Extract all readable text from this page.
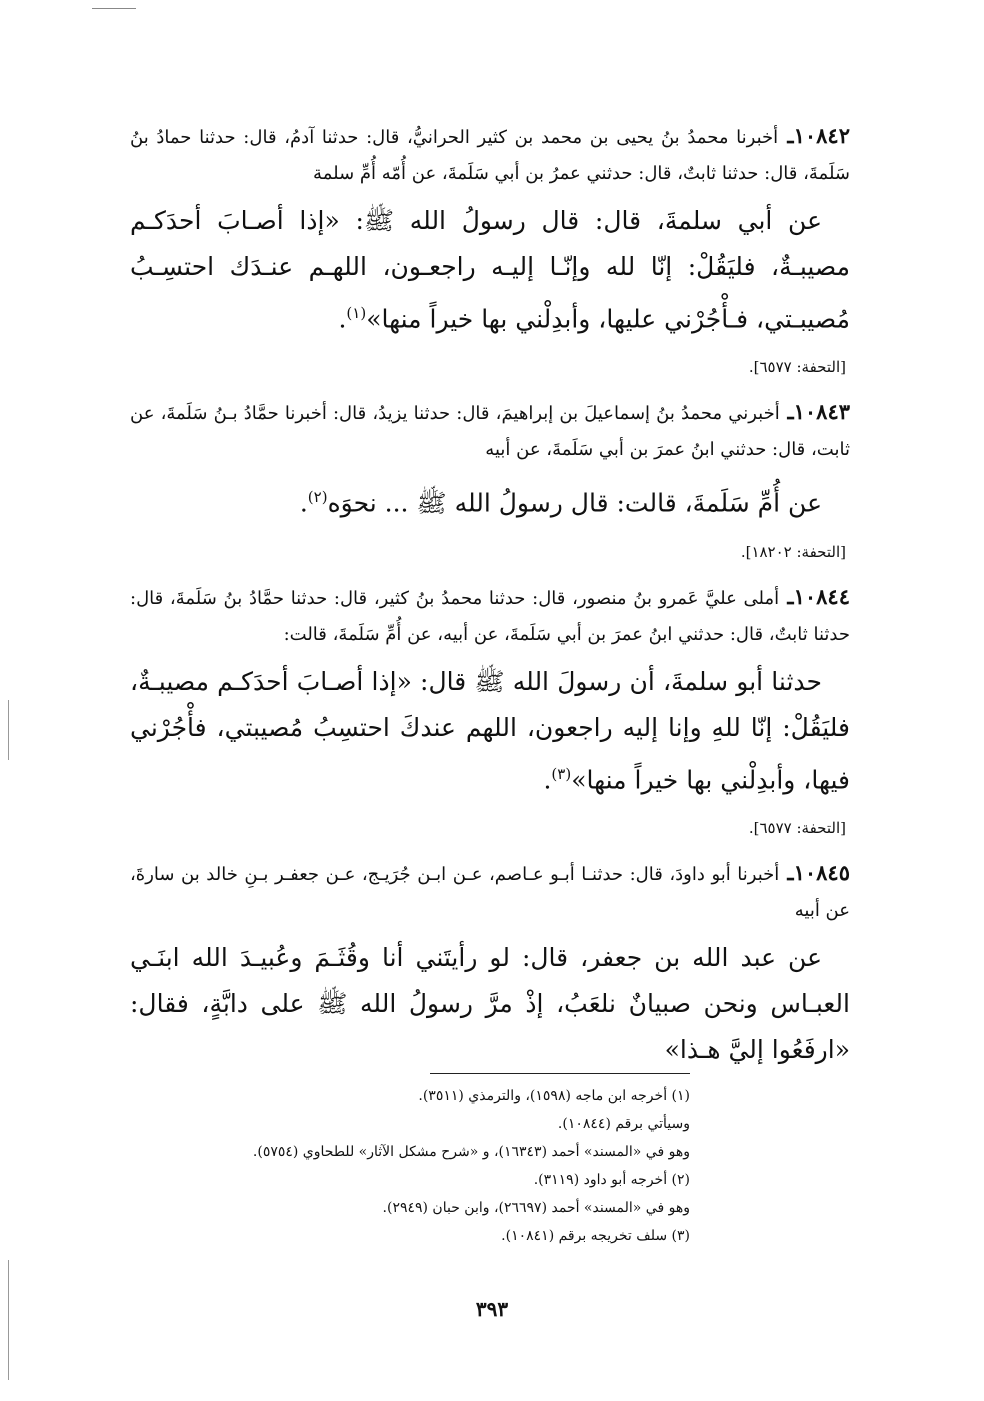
١٠٨٤٢ـ أخبرنا محمدُ بنُ يحيى بن محمد بن كثير الحرانيُّ، قال: حدثنا آدمُ، قال: حدثنا حمادُ بنُ سَلَمةَ، قال: حدثنا ثابتٌ، قال: حدثني عمرُ بن أبي سَلَمةَ، عن أُمّه أُمِّ سلمة

عن أبي سلمةَ، قال: قال رسولُ الله ﷺ: «إذا أصـابَ أحدَكـم مصيبـةٌ، فليَقُلْ: إنّا لله وإنّـا إليـه راجعـون، اللهـم عنـدَك احتسِـبُ مُصيبـتي، فـأْجُرْني عليها، وأبدِلْني بها خيراً منها»$^{(١)}$.

[التحفة: ٦٥٧٧].

١٠٨٤٣ـ أخبرني محمدُ بنُ إسماعيلَ بن إبراهيمَ، قال: حدثنا يزيدُ، قال: أخبرنا حمَّادُ بـنُ سَلَمةَ، عن ثابت، قال: حدثني ابنُ عمرَ بن أبي سَلَمةَ، عن أبيه

عن أُمِّ سَلَمةَ، قالت: قال رسولُ الله ﷺ ... نحوَه$^{(٢)}$.

[التحفة: ١٨٢٠٢].

١٠٨٤٤ـ أملى عليَّ عَمرو بنُ منصور، قال: حدثنا محمدُ بنُ كثير، قال: حدثنا حمَّادُ بنُ سَلَمةَ، قال: حدثنا ثابتٌ، قال: حدثني ابنُ عمرَ بن أبي سَلَمةَ، عن أبيه، عن أُمِّ سَلَمةَ، قالت:

حدثنا أبو سلمةَ، أن رسولَ الله ﷺ قال: «إذا أصـابَ أحدَكـم مصيبـةٌ، فليَقُلْ: إنّا للهِ وإنا إليه راجعون، اللهم عندكَ احتسِبُ مُصيبتي، فأْجُرْني فيها، وأبدِلْني بها خيراً منها»$^{(٣)}$.

[التحفة: ٦٥٧٧].

١٠٨٤٥ـ أخبرنا أبو داودَ، قال: حدثنـا أبـو عـاصم، عـن ابـن جُرَيـج، عـن جعفـر بـنِ خالد بن سارةَ، عن أبيه

عن عبد الله بن جعفر، قال: لو رأيتَني أنا وقُثَـمَ وعُبيـدَ الله ابنَـي العبـاس ونحن صبيانٌ نلعَبُ، إذْ مرَّ رسولُ الله ﷺ على دابَّةٍ، فقال: «ارفَعُوا إليَّ هـذا»

(١) أخرجه ابن ماجه (١٥٩٨)، والترمذي (٣٥١١).

وسيأتي برقم (١٠٨٤٤).

وهو في «المسند» أحمد (١٦٣٤٣)، و «شرح مشكل الآثار» للطحاوي (٥٧٥٤).

(٢) أخرجه أبو داود (٣١١٩).

وهو في «المسند» أحمد (٢٦٦٩٧)، وابن حبان (٢٩٤٩).

(٣) سلف تخريجه برقم (١٠٨٤١).

٣٩٣
